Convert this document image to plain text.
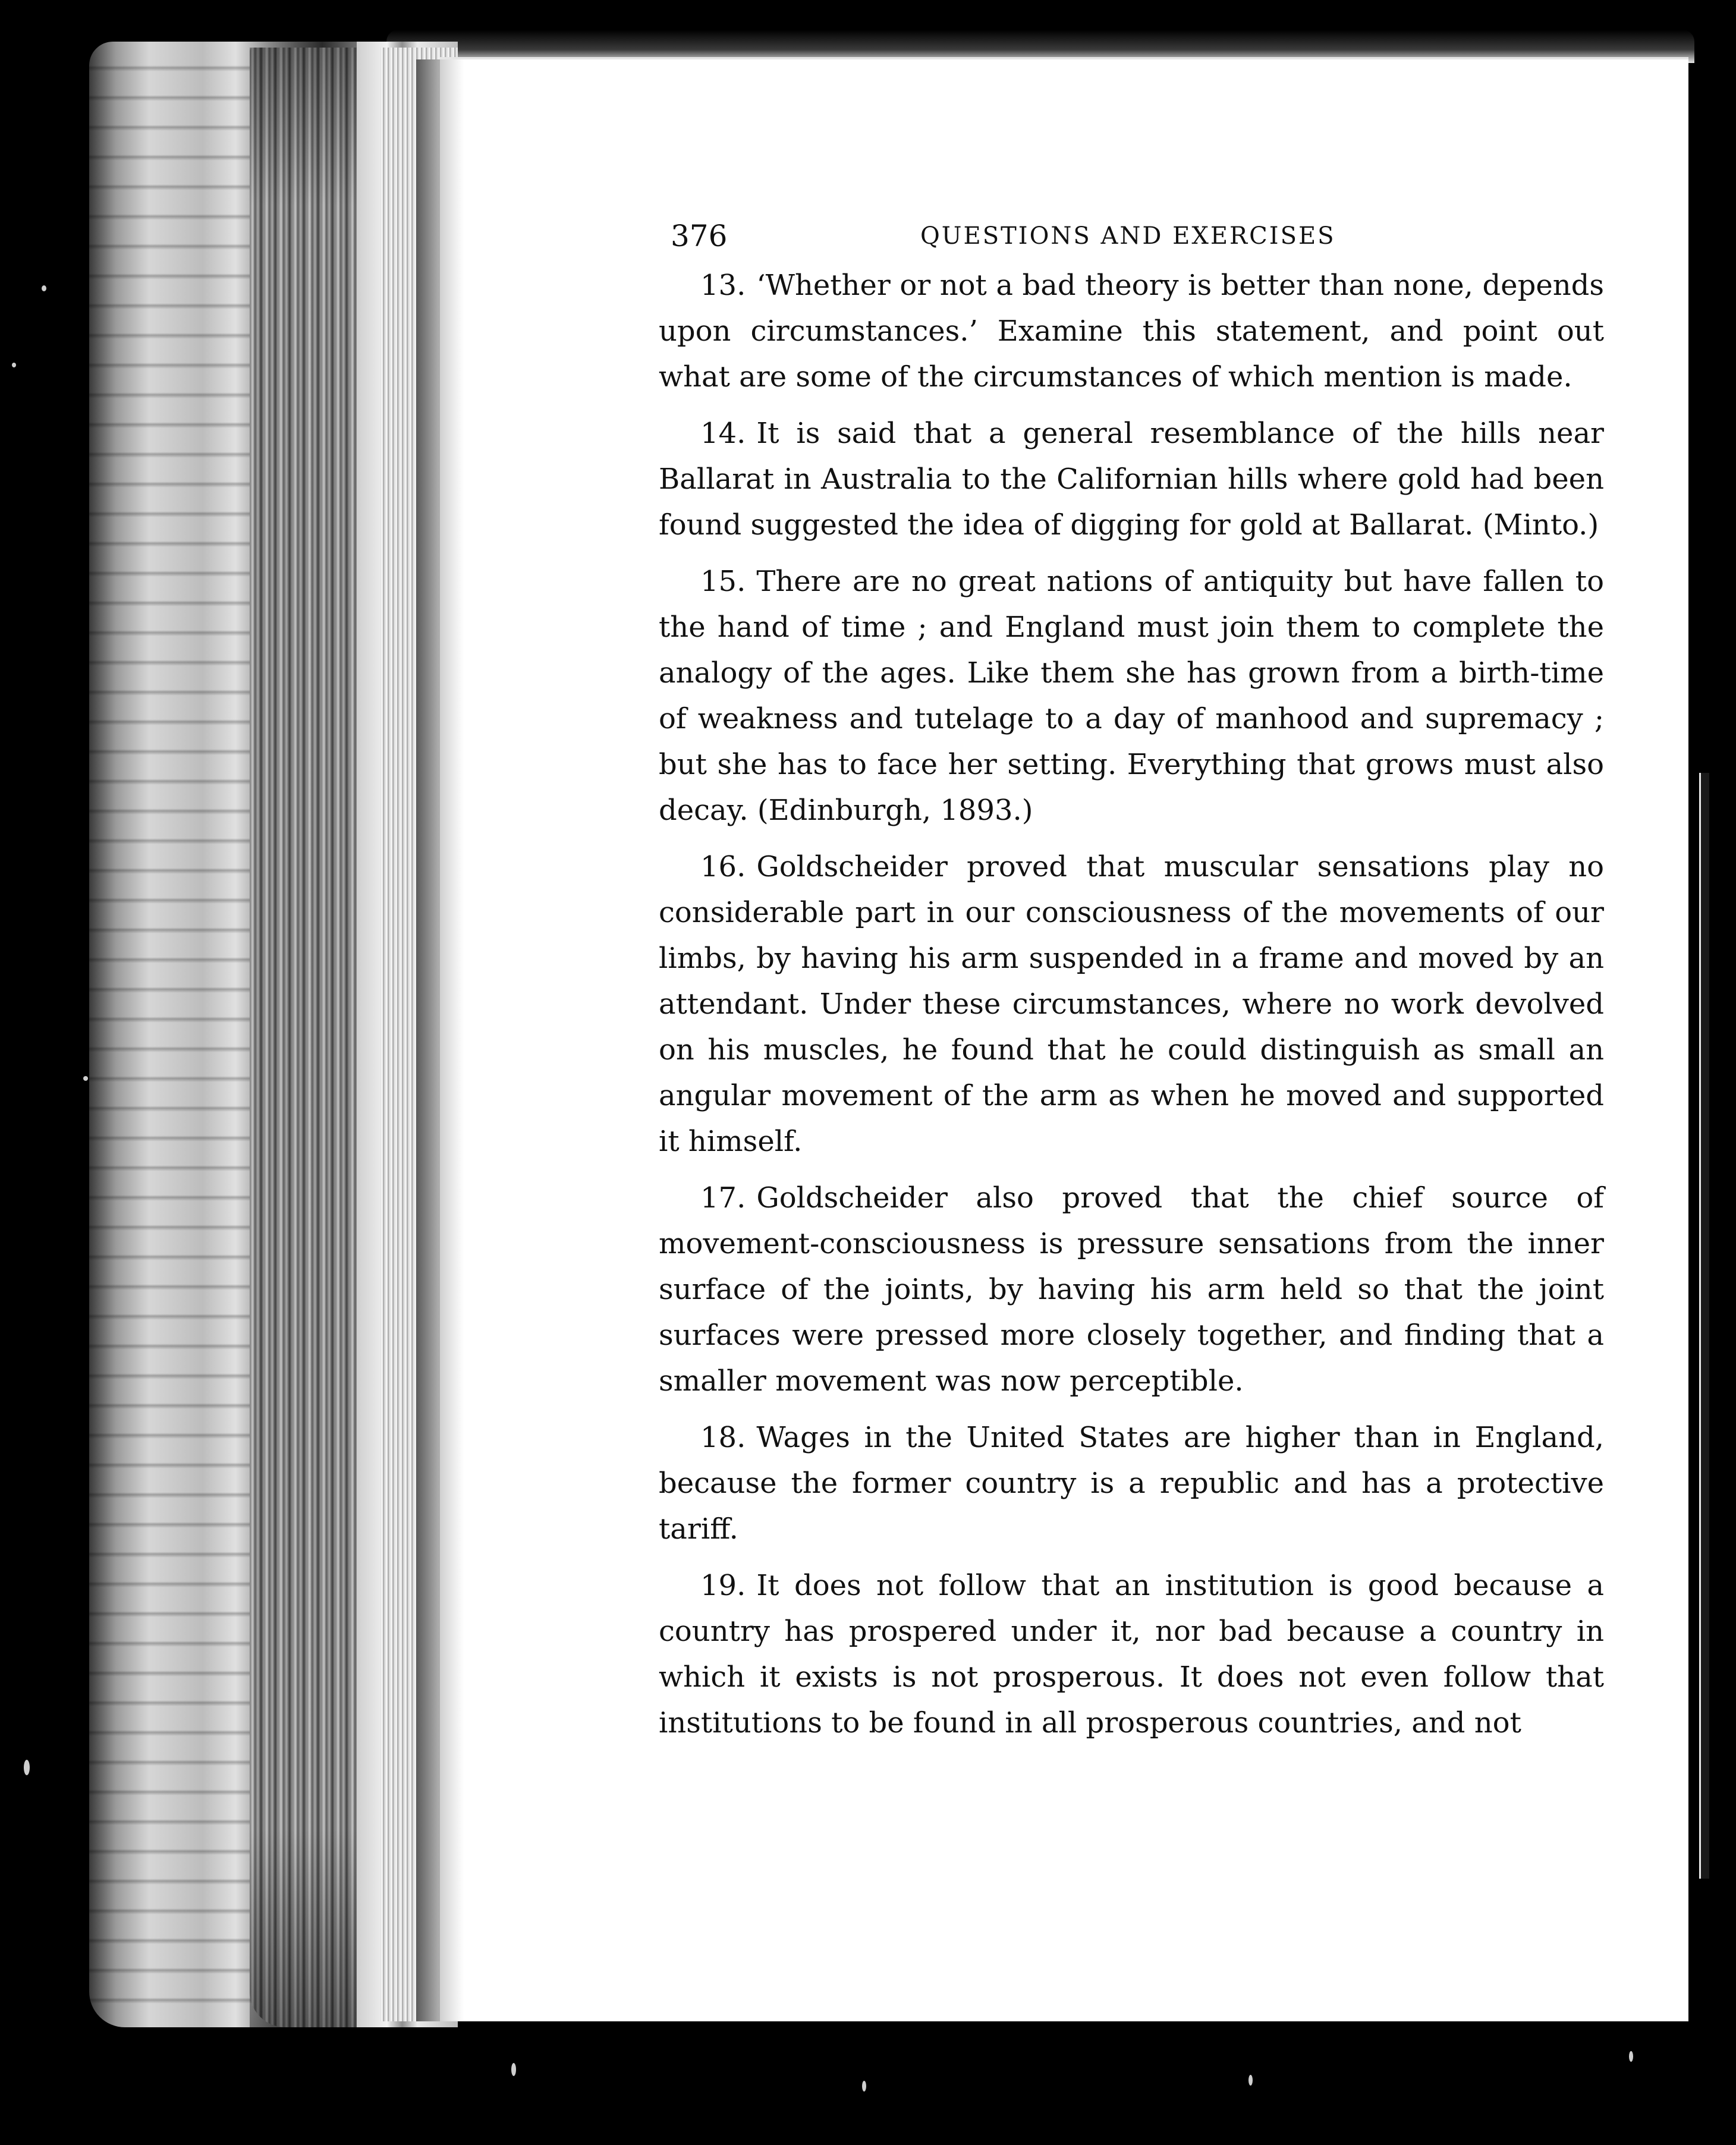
376	QUESTIONS AND EXERCISES

13. ‘Whether or not a bad theory is better than none, depends upon circumstances.’ Examine this statement, and point out what are some of the circumstances of which mention is made.

14. It is said that a general resemblance of the hills near Ballarat in Australia to the Californian hills where gold had been found suggested the idea of digging for gold at Ballarat. (Minto.)

15. There are no great nations of antiquity but have fallen to the hand of time ; and England must join them to complete the analogy of the ages. Like them she has grown from a birth-time of weakness and tutelage to a day of manhood and supremacy ; but she has to face her setting. Everything that grows must also decay. (Edinburgh, 1893.)

16. Goldscheider proved that muscular sensations play no considerable part in our consciousness of the movements of our limbs, by having his arm suspended in a frame and moved by an attendant. Under these circumstances, where no work devolved on his muscles, he found that he could distinguish as small an angular movement of the arm as when he moved and supported it himself.

17. Goldscheider also proved that the chief source of movement-consciousness is pressure sensations from the inner surface of the joints, by having his arm held so that the joint surfaces were pressed more closely together, and finding that a smaller movement was now perceptible.

18. Wages in the United States are higher than in England, because the former country is a republic and has a protective tariff.

19. It does not follow that an institution is good because a country has prospered under it, nor bad because a country in which it exists is not prosperous. It does not even follow that institutions to be found in all prosperous countries, and not
